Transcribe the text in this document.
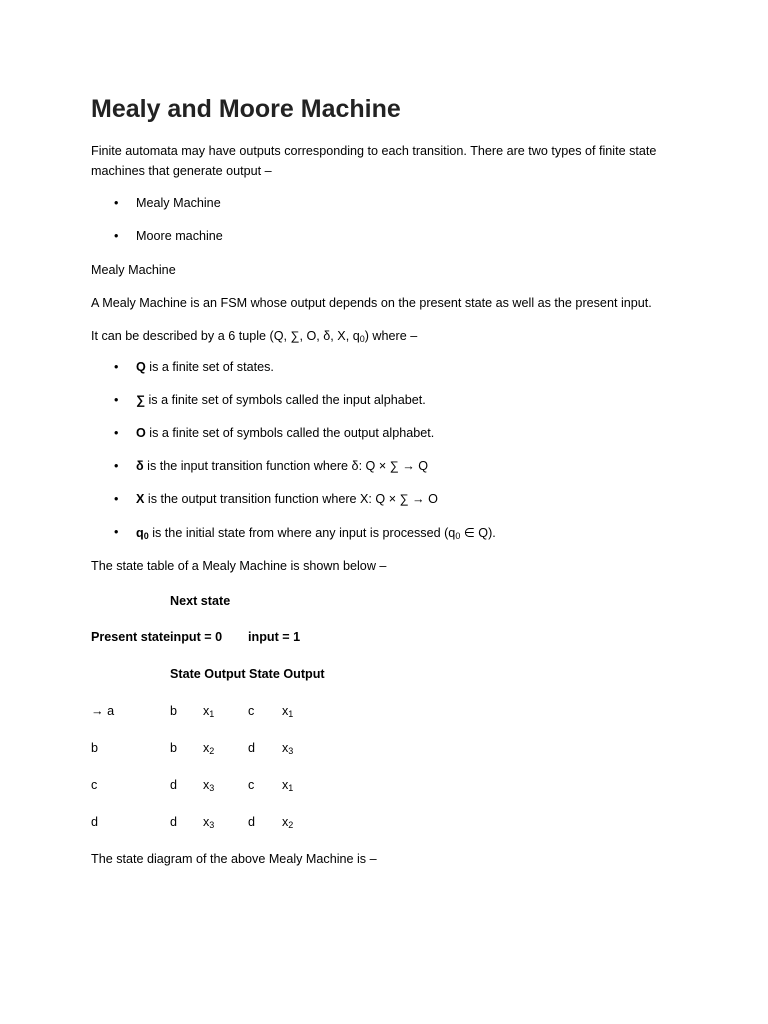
Mealy and Moore Machine
Finite automata may have outputs corresponding to each transition. There are two types of finite state machines that generate output –
• Mealy Machine
• Moore machine
Mealy Machine
A Mealy Machine is an FSM whose output depends on the present state as well as the present input.
It can be described by a 6 tuple (Q, ∑, O, δ, X, $q_0$) where –
• Q is a finite set of states.
• ∑ is a finite set of symbols called the input alphabet.
• O is a finite set of symbols called the output alphabet.
• δ is the input transition function where δ: Q × ∑ → Q
• X is the output transition function where X: Q × ∑ → O
• $q_0$ is the initial state from where any input is processed ($q_0$ ∈ Q).
The state table of a Mealy Machine is shown below –
Next state
Present state input = 0 input = 1
State Output State Output
→ a	b $x_1$	c $x_1$
b	b $x_2$	d $x_3$
c	d $x_3$	c $x_1$
d	d $x_3$	d $x_2$
The state diagram of the above Mealy Machine is –
